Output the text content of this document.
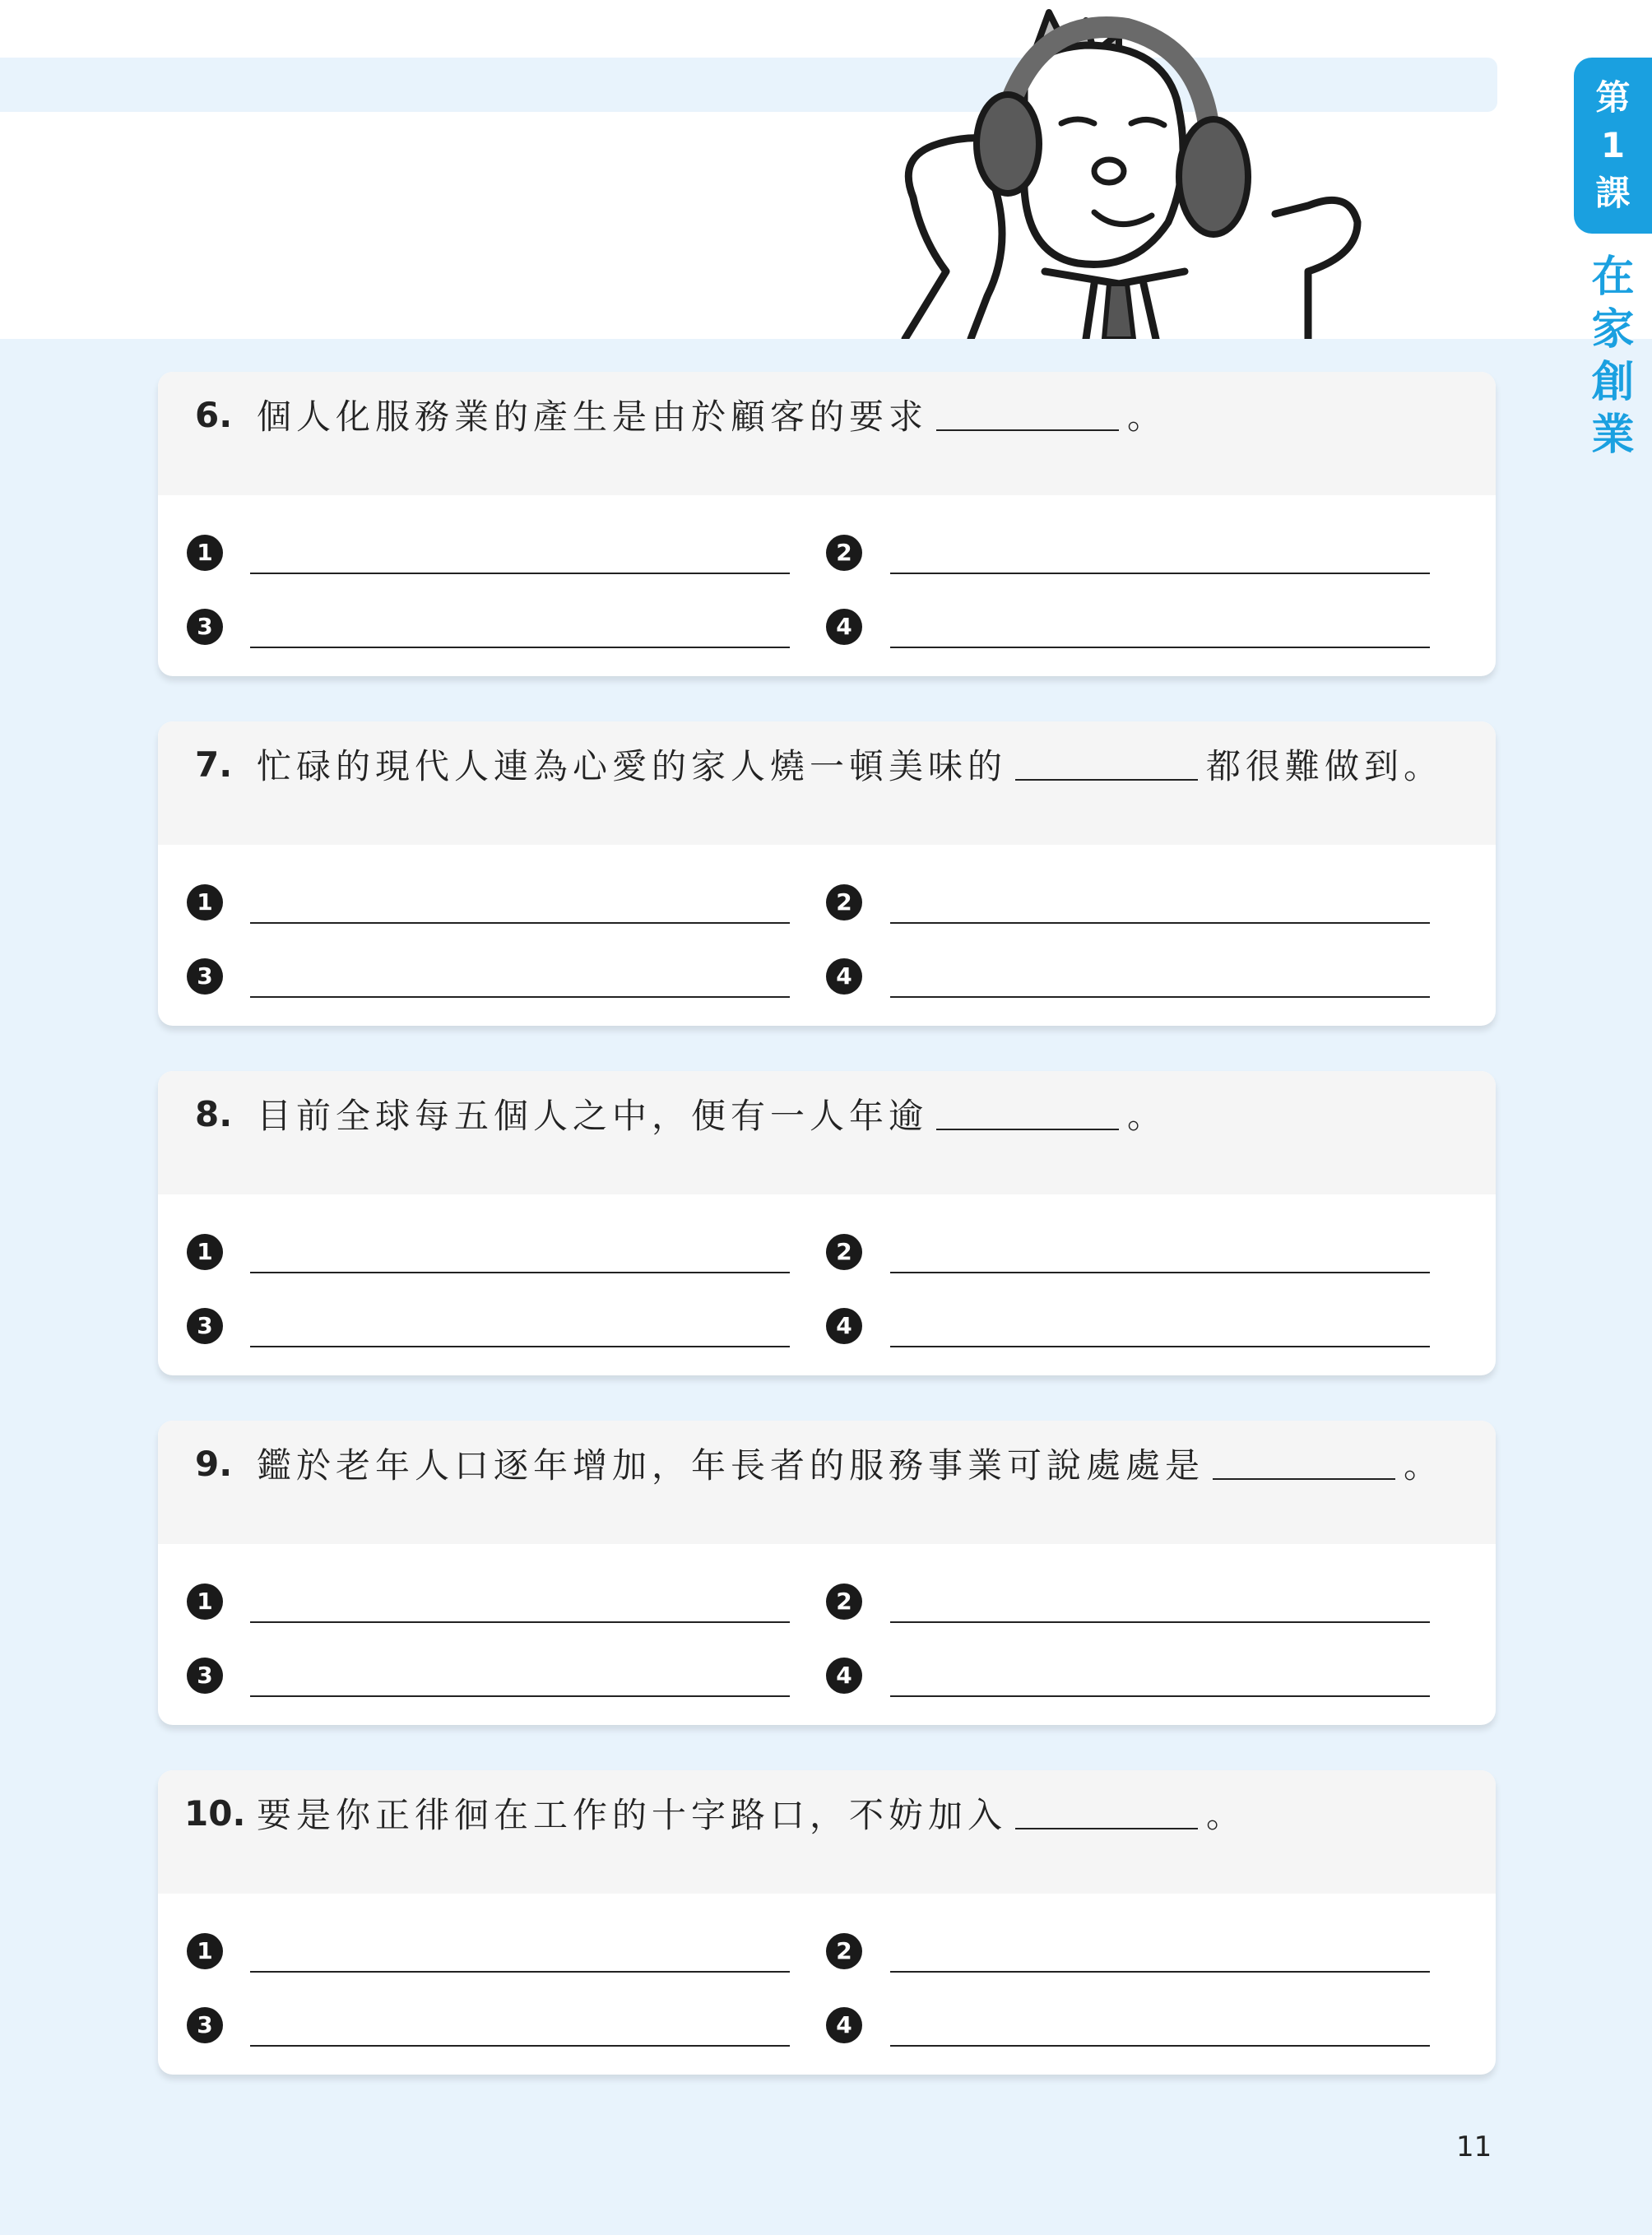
第
1
課
在
家
創
業
6. 個人化服務業的產生是由於顧客的要求	。
1	2
3	4
7. 忙碌的現代人連為心愛的家人燒一頓美味的	都很難做到。
1	2
3	4
8. 目前全球每五個人之中，便有一人年逾	。
1	2
3	4
9. 鑑於老年人口逐年增加，年長者的服務事業可說處處是	。
1	2
3	4
10. 要是你正徘徊在工作的十字路口，不妨加入	。
1	2
3	4
11
